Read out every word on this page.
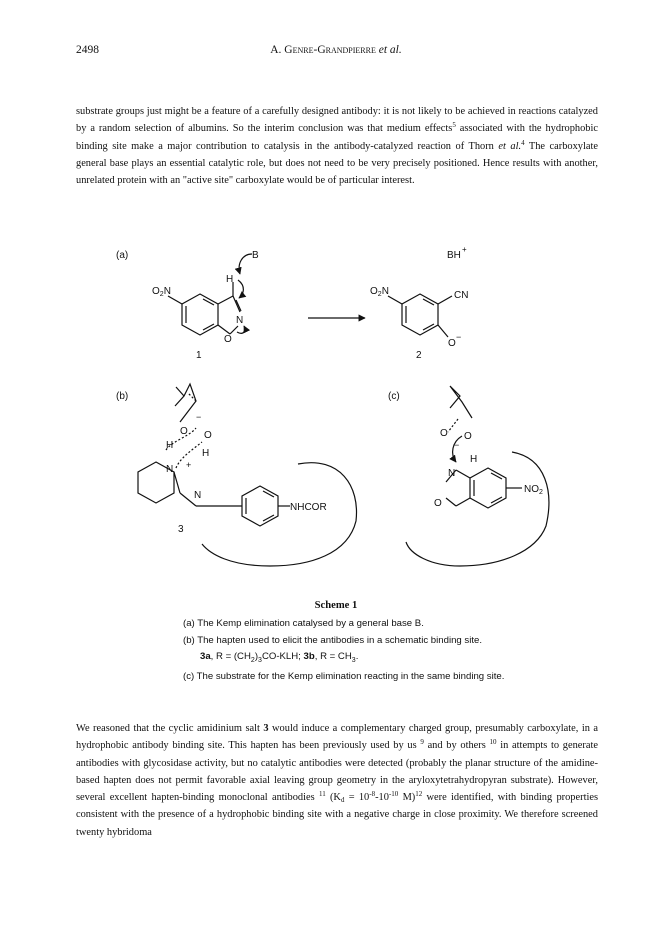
2498	A. Genre-Grandpierre et al.

substrate groups just might be a feature of a carefully designed antibody: it is not likely to be achieved in reactions catalyzed by a random selection of albumins. So the interim conclusion was that medium effects$^5$ associated with the hydrophobic binding site make a major contribution to catalysis in the antibody-catalyzed reaction of Thorn et al.$^4$ The carboxylate general base plays an essential catalytic role, but does not need to be very precisely positioned. Hence results with another, unrelated protein with an "active site" carboxylate would be of particular interest.

(a)	B
H
$O_2N$
N
O
1
BH
+
$O_2N$	CN
O
−
2
(b)
O O
−
H
H
N +
N
NHCOR
3
(c)
O O
−
H
N
O
$NO_2$
Scheme 1
(a) The Kemp elimination catalysed by a general base B.
(b) The hapten used to elicit the antibodies in a schematic binding site.
3a, $R = (CH_2)_3CO$-KLH; 3b, $R = CH_3$.
(c) The substrate for the Kemp elimination reacting in the same binding site.

We reasoned that the cyclic amidinium salt 3 would induce a complementary charged group, presumably carboxylate, in a hydrophobic antibody binding site. This hapten has been previously used by us $^9$ and by others $^{10}$ in attempts to generate antibodies with glycosidase activity, but no catalytic antibodies were detected (probably the planar structure of the amidine-based hapten does not permit favorable axial leaving group geometry in the aryloxytetrahydropyran substrate). However, several excellent hapten-binding monoclonal antibodies $^{11}$ ($K_d = 10^{-8}-10^{-10}$ M)$^{12}$ were identified, with binding properties consistent with the presence of a hydrophobic binding site with a negative charge in close proximity. We therefore screened twenty hybridoma
